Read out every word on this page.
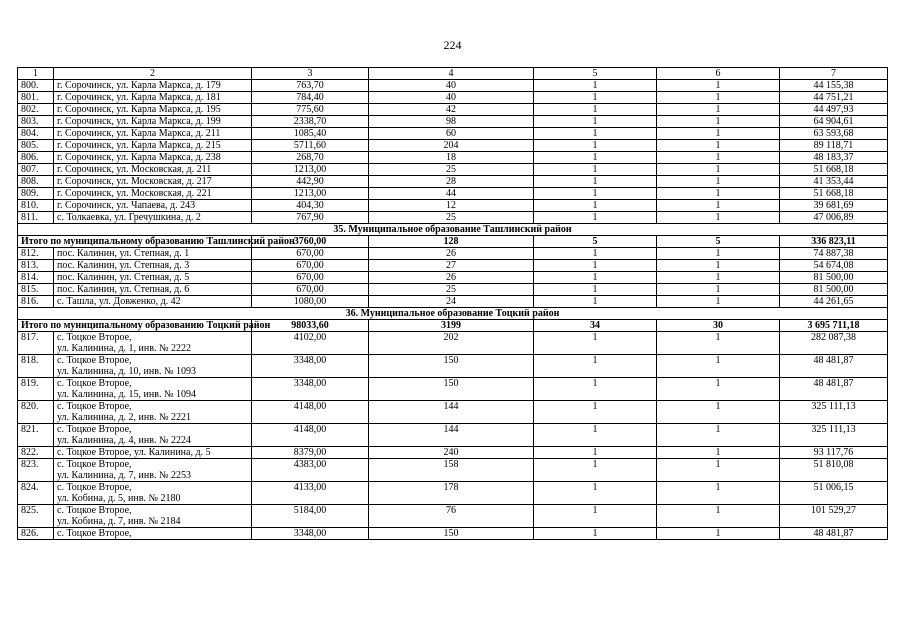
224
1	2	3	4	5	6	7
800.	г. Сорочинск, ул. Карла Маркса, д. 179	763,70	40	1	1	44 155,38
801.	г. Сорочинск, ул. Карла Маркса, д. 181	784,40	40	1	1	44 751,21
802.	г. Сорочинск, ул. Карла Маркса, д. 195	775,60	42	1	1	44 497,93
803.	г. Сорочинск, ул. Карла Маркса, д. 199	2338,70	98	1	1	64 904,61
804.	г. Сорочинск, ул. Карла Маркса, д. 211	1085,40	60	1	1	63 593,68
805.	г. Сорочинск, ул. Карла Маркса, д. 215	5711,60	204	1	1	89 118,71
806.	г. Сорочинск, ул. Карла Маркса, д. 238	268,70	18	1	1	48 183,37
807.	г. Сорочинск, ул. Московская, д. 211	1213,00	25	1	1	51 668,18
808.	г. Сорочинск, ул. Московская, д. 217	442,90	28	1	1	41 353,44
809.	г. Сорочинск, ул. Московская, д. 221	1213,00	44	1	1	51 668,18
810.	г. Сорочинск, ул. Чапаева, д. 243	404,30	12	1	1	39 681,69
811.	с. Толкаевка, ул. Гречушкина, д. 2	767,90	25	1	1	47 006,89
35. Муниципальное образование Ташлинский район						
Итого по муниципальному образованию Ташлинский район		3760,00	128	5	5	336 823,11
812.	пос. Калинин, ул. Степная, д. 1	670,00	26	1	1	74 887,38
813.	пос. Калинин, ул. Степная, д. 3	670,00	27	1	1	54 674,08
814.	пос. Калинин, ул. Степная, д. 5	670,00	26	1	1	81 500,00
815.	пос. Калинин, ул. Степная, д. 6	670,00	25	1	1	81 500,00
816.	с. Ташла, ул. Довженко, д. 42	1080,00	24	1	1	44 261,65
36. Муниципальное образование Тоцкий район						
Итого по муниципальному образованию Тоцкий район		98033,60	3199	34	30	3 695 711,18
817.	с. Тоцкое Второе,
ул. Калинина, д. 1, инв. № 2222	4102,00	202	1	1	282 087,38
818.	с. Тоцкое Второе,
ул. Калинина, д. 10, инв. № 1093	3348,00	150	1	1	48 481,87
819.	с. Тоцкое Второе,
ул. Калинина, д. 15, инв. № 1094	3348,00	150	1	1	48 481,87
820.	с. Тоцкое Второе,
ул. Калинина, д. 2, инв. № 2221	4148,00	144	1	1	325 111,13
821.	с. Тоцкое Второе,
ул. Калинина, д. 4, инв. № 2224	4148,00	144	1	1	325 111,13
822.	с. Тоцкое Второе, ул. Калинина, д. 5	8379,00	240	1	1	93 117,76
823.	с. Тоцкое Второе,
ул. Калинина, д. 7, инв. № 2253	4383,00	158	1	1	51 810,08
824.	с. Тоцкое Второе,
ул. Кобина, д. 5, инв. № 2180	4133,00	178	1	1	51 006,15
825.	с. Тоцкое Второе,
ул. Кобина, д. 7, инв. № 2184	5184,00	76	1	1	101 529,27
826.	с. Тоцкое Второе,	3348,00	150	1	1	48 481,87
